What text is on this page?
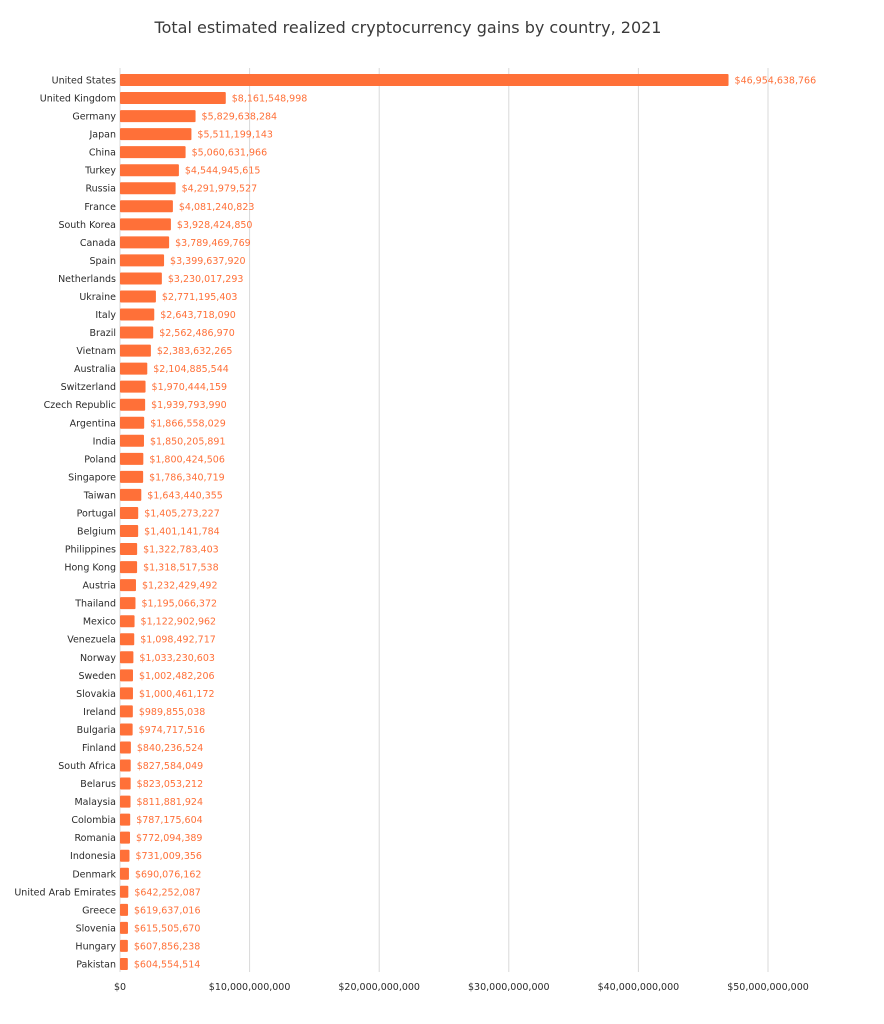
Total estimated realized cryptocurrency gains by country, 2021
United States	$46,954,638,766
United Kingdom	$8,161,548,998
Germany	$5,829,638,284
Japan	$5,511,199,143
China	$5,060,631,966
Turkey	$4,544,945,615
Russia	$4,291,979,527
France	$4,081,240,823
South Korea	$3,928,424,850
Canada	$3,789,469,769
Spain	$3,399,637,920
Netherlands	$3,230,017,293
Ukraine	$2,771,195,403
Italy	$2,643,718,090
Brazil	$2,562,486,970
Vietnam	$2,383,632,265
Australia	$2,104,885,544
Switzerland	$1,970,444,159
Czech Republic	$1,939,793,990
Argentina	$1,866,558,029
India	$1,850,205,891
Poland	$1,800,424,506
Singapore	$1,786,340,719
Taiwan	$1,643,440,355
Portugal	$1,405,273,227
Belgium	$1,401,141,784
Philippines	$1,322,783,403
Hong Kong	$1,318,517,538
Austria	$1,232,429,492
Thailand	$1,195,066,372
Mexico	$1,122,902,962
Venezuela	$1,098,492,717
Norway $1,033,230,603
Sweden $1,002,482,206
Slovakia $1,000,461,172
Ireland $989,855,038
Bulgaria $974,717,516
Finland $840,236,524
South Africa $827,584,049
Belarus $823,053,212
Malaysia $811,881,924
Colombia $787,175,604
Romania $772,094,389
Indonesia $731,009,356
Denmark $690,076,162
United Arab Emirates $642,252,087
Greece $619,637,016
Slovenia $615,505,670
Hungary $607,856,238
Pakistan $604,554,514
$0	$10,000,000,000	$20,000,000,000	$30,000,000,000	$40,000,000,000	$50,000,000,000
